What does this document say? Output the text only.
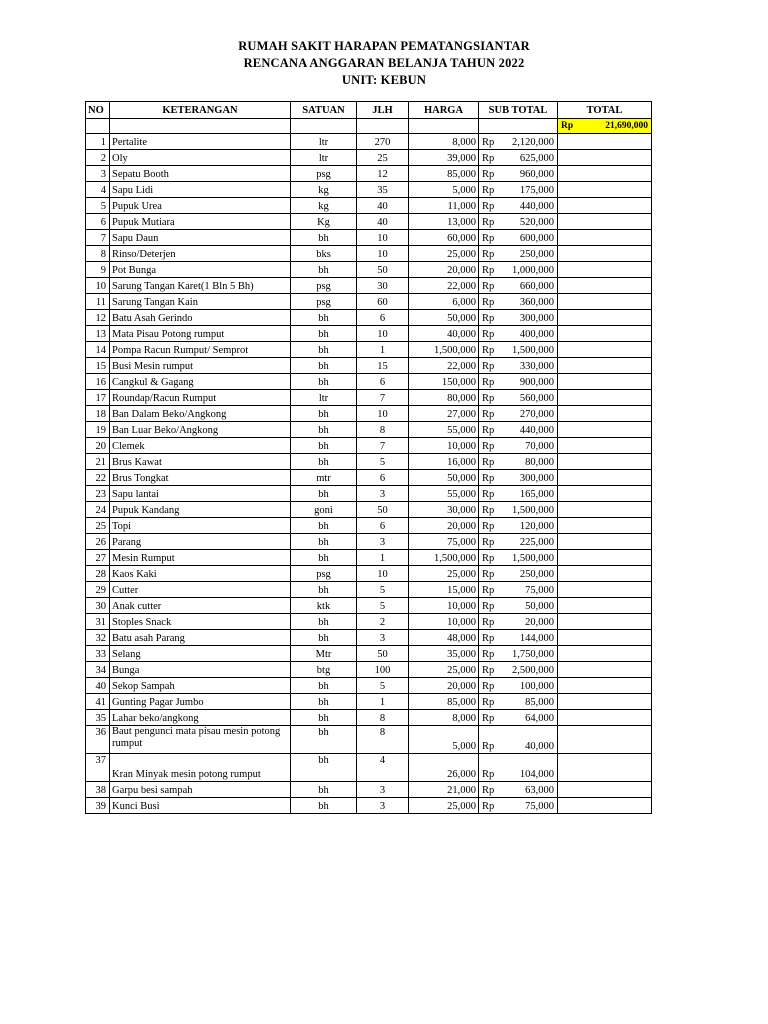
RUMAH SAKIT HARAPAN PEMATANGSIANTAR
RENCANA ANGGARAN BELANJA TAHUN 2022
UNIT: KEBUN
NO	KETERANGAN	SATUAN	JLH	HARGA	SUB TOTAL	TOTAL

						Rp 21,690,000

1	Pertalite	ltr	270	8,000	Rp 2,120,000	

2	Oly	ltr	25	39,000	Rp 625,000	

3	Sepatu Booth	psg	12	85,000	Rp 960,000	

4	Sapu Lidi	kg	35	5,000	Rp 175,000	

5	Pupuk Urea	kg	40	11,000	Rp 440,000	

6	Pupuk Mutiara	Kg	40	13,000	Rp 520,000	

7	Sapu Daun	bh	10	60,000	Rp 600,000	

8	Rinso/Deterjen	bks	10	25,000	Rp 250,000	

9	Pot Bunga	bh	50	20,000	Rp 1,000,000	

10	Sarung Tangan Karet(1 Bln 5 Bh)	psg	30	22,000	Rp 660,000	

11	Sarung Tangan Kain	psg	60	6,000	Rp 360,000	

12	Batu Asah Gerindo	bh	6	50,000	Rp 300,000	

13	Mata Pisau Potong rumput	bh	10	40,000	Rp 400,000	

14	Pompa Racun Rumput/ Semprot	bh	1	1,500,000	Rp 1,500,000	

15	Busi Mesin rumput	bh	15	22,000	Rp 330,000	

16	Cangkul & Gagang	bh	6	150,000	Rp 900,000	

17	Roundap/Racun Rumput	ltr	7	80,000	Rp 560,000	

18	Ban Dalam Beko/Angkong	bh	10	27,000	Rp 270,000	

19	Ban Luar Beko/Angkong	bh	8	55,000	Rp 440,000	

20	Clemek	bh	7	10,000	Rp 70,000	

21	Brus Kawat	bh	5	16,000	Rp 80,000	

22	Brus Tongkat	mtr	6	50,000	Rp 300,000	

23	Sapu lantai	bh	3	55,000	Rp 165,000	

24	Pupuk Kandang	goni	50	30,000	Rp 1,500,000	

25	Topi	bh	6	20,000	Rp 120,000	

26	Parang	bh	3	75,000	Rp 225,000	

27	Mesin Rumput	bh	1	1,500,000	Rp 1,500,000	

28	Kaos Kaki	psg	10	25,000	Rp 250,000	

29	Cutter	bh	5	15,000	Rp 75,000	

30	Anak cutter	ktk	5	10,000	Rp 50,000	

31	Stoples Snack	bh	2	10,000	Rp 20,000	

32	Batu asah Parang	bh	3	48,000	Rp 144,000	

33	Selang	Mtr	50	35,000	Rp 1,750,000	

34	Bunga	btg	100	25,000	Rp 2,500,000	

40	Sekop Sampah	bh	5	20,000	Rp 100,000	

41	Gunting Pagar Jumbo	bh	1	85,000	Rp 85,000	

35	Lahar beko/angkong	bh	8	8,000	Rp 64,000	

36	Baut pengunci mata pisau mesin potong rumput	bh	8	5,000	Rp 40,000	

37	Kran Minyak mesin potong rumput	bh	4	26,000	Rp 104,000	

38	Garpu besi sampah	bh	3	21,000	Rp 63,000	

39	Kunci Busi	bh	3	25,000	Rp 75,000	
